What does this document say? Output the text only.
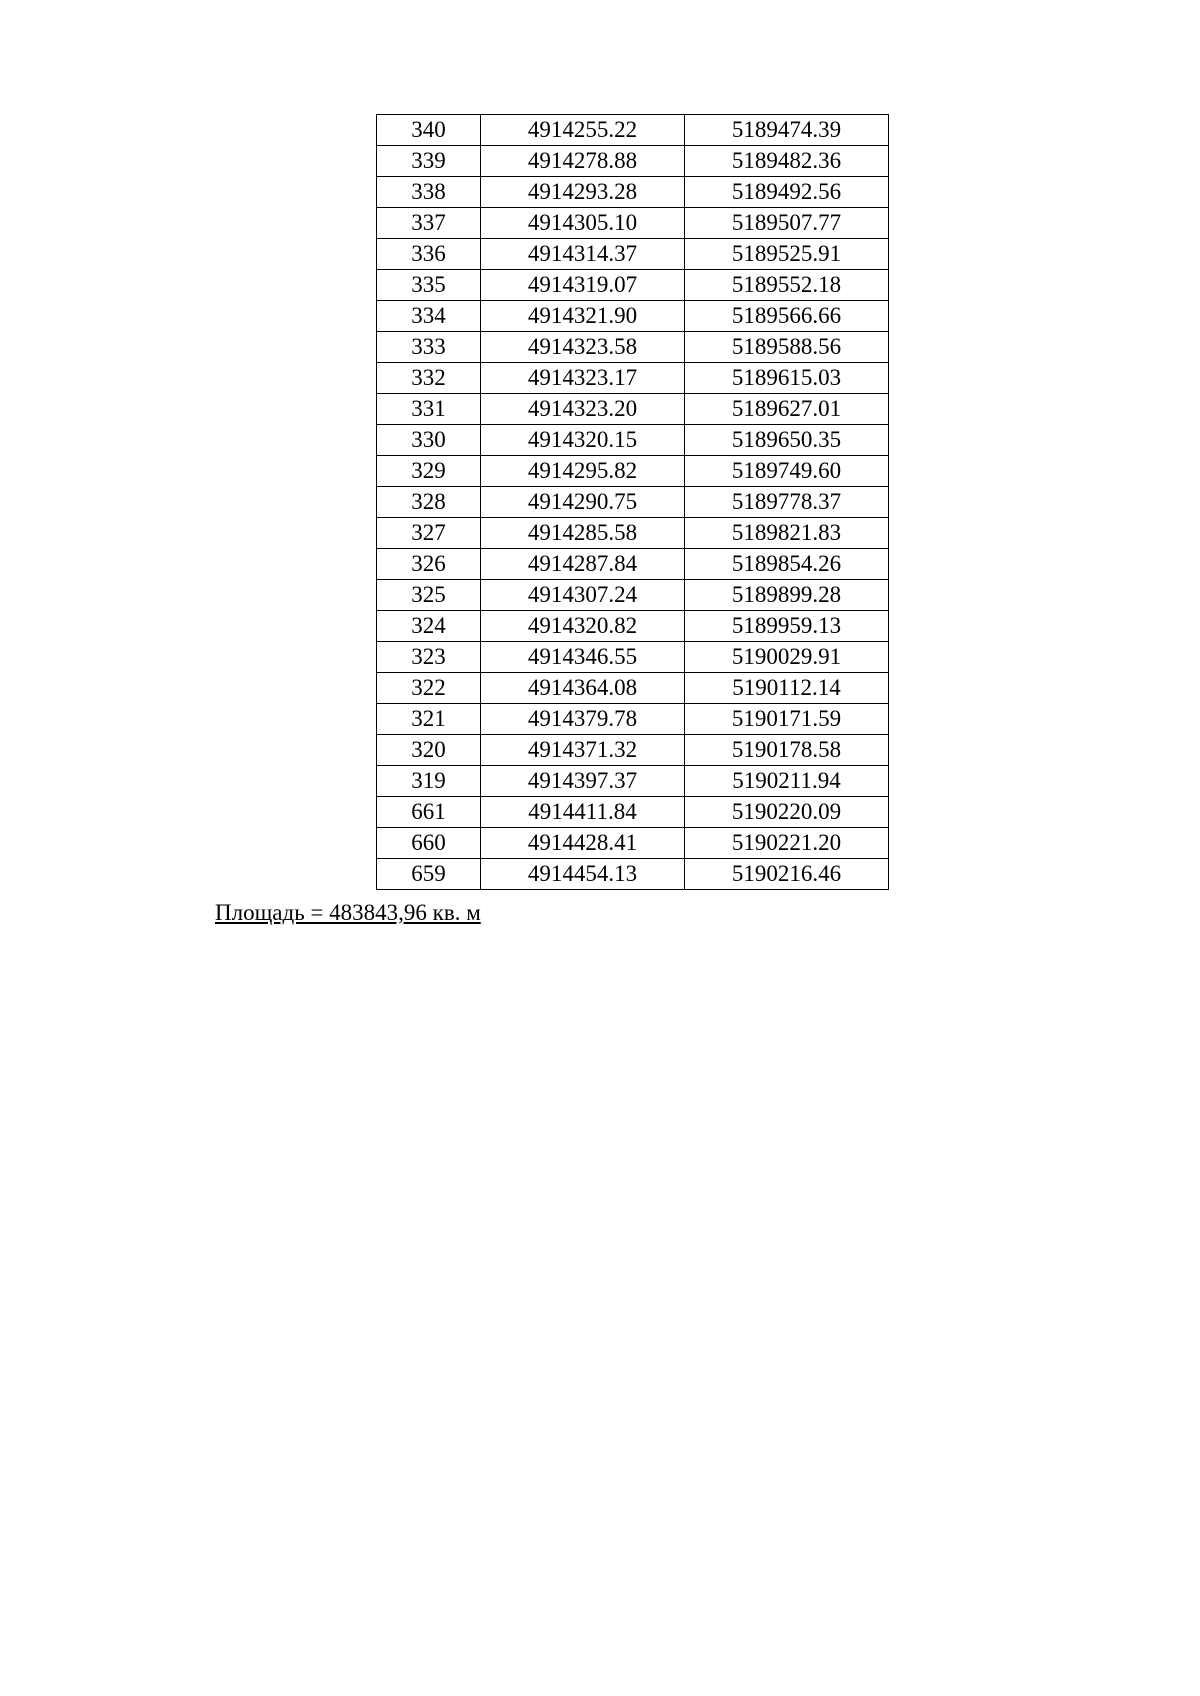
340	4914255.22	5189474.39
339	4914278.88	5189482.36
338	4914293.28	5189492.56
337	4914305.10	5189507.77
336	4914314.37	5189525.91
335	4914319.07	5189552.18
334	4914321.90	5189566.66
333	4914323.58	5189588.56
332	4914323.17	5189615.03
331	4914323.20	5189627.01
330	4914320.15	5189650.35
329	4914295.82	5189749.60
328	4914290.75	5189778.37
327	4914285.58	5189821.83
326	4914287.84	5189854.26
325	4914307.24	5189899.28
324	4914320.82	5189959.13
323	4914346.55	5190029.91
322	4914364.08	5190112.14
321	4914379.78	5190171.59
320	4914371.32	5190178.58
319	4914397.37	5190211.94
661	4914411.84	5190220.09
660	4914428.41	5190221.20
659	4914454.13	5190216.46
Площадь = 483843,96 кв. м
